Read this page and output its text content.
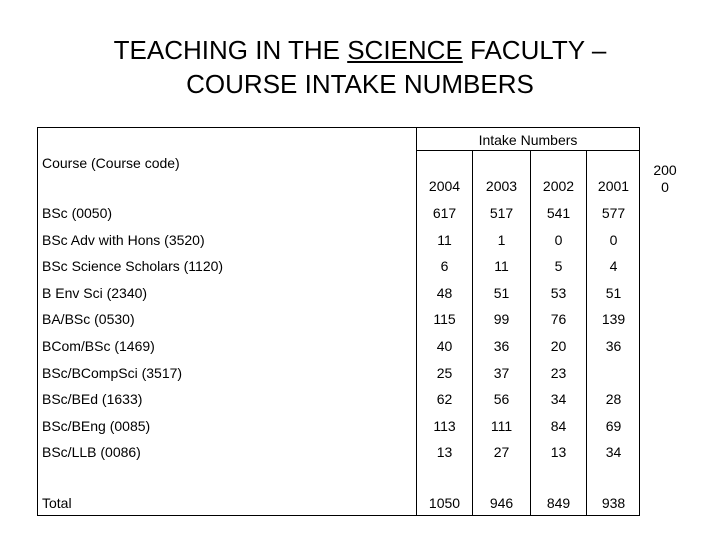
TEACHING IN THE SCIENCE FACULTY –
COURSE INTAKE NUMBERS
Intake Numbers
Course (Course code)	200
0
2004	2003	2002	2001
BSc (0050)	617	517	541	577
BSc Adv with Hons (3520)	11	1	0	0
BSc Science Scholars (1120)	6	11	5	4
B Env Sci (2340)	48	51	53	51
BA/BSc (0530)	115	99	76	139
BCom/BSc (1469)	40	36	20	36
BSc/BCompSci (3517)	25	37	23
BSc/BEd (1633)	62	56	34	28
BSc/BEng (0085)	113	111	84	69
BSc/LLB (0086)	13	27	13	34
Total	1050	946	849	938
